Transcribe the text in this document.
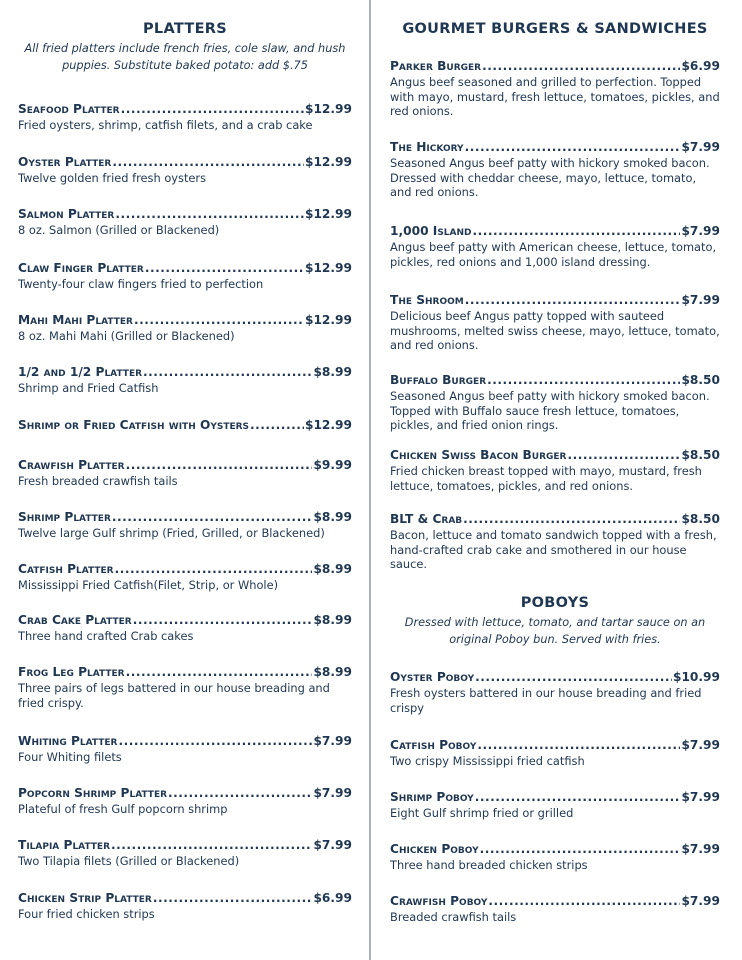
PLATTERS
All fried platters include french fries, cole slaw, and hush puppies. Substitute baked potato: add $.75
Seafood Platter .....	$12.99
Fried oysters, shrimp, catfish filets, and a crab cake
Oyster Platter .....	$12.99
Twelve golden fried fresh oysters
Salmon Platter .....	$12.99
8 oz. Salmon (Grilled or Blackened)
Claw Finger Platter .....	$12.99
Twenty-four claw fingers fried to perfection
Mahi Mahi Platter .....	$12.99
8 oz. Mahi Mahi (Grilled or Blackened)
1/2 and 1/2 Platter .....	$8.99
Shrimp and Fried Catfish
Shrimp or Fried Catfish with Oysters .....	$12.99
Crawfish Platter .....	$9.99
Fresh breaded crawfish tails
Shrimp Platter .....	$8.99
Twelve large Gulf shrimp (Fried, Grilled, or Blackened)
Catfish Platter .....	$8.99
Mississippi Fried Catfish(Filet, Strip, or Whole)
Crab Cake Platter .....	$8.99
Three hand crafted Crab cakes
Frog Leg Platter .....	$8.99
Three pairs of legs battered in our house breading and fried crispy.
Whiting Platter .....	$7.99
Four Whiting filets
Popcorn Shrimp Platter .....	$7.99
Plateful of fresh Gulf popcorn shrimp
Tilapia Platter .....	$7.99
Two Tilapia filets (Grilled or Blackened)
Chicken Strip Platter .....	$6.99
Four fried chicken strips
GOURMET BURGERS & SANDWICHES
Parker Burger .....	$6.99
Angus beef seasoned and grilled to perfection. Topped with mayo, mustard, fresh lettuce, tomatoes, pickles, and red onions.
The Hickory .....	$7.99
Seasoned Angus beef patty with hickory smoked bacon. Dressed with cheddar cheese, mayo, lettuce, tomato, and red onions.
1,000 Island .....	$7.99
Angus beef patty with American cheese, lettuce, tomato, pickles, red onions and 1,000 island dressing.
The Shroom .....	$7.99
Delicious beef Angus patty topped with sauteed mushrooms, melted swiss cheese, mayo, lettuce, tomato, and red onions.
Buffalo Burger .....	$8.50
Seasoned Angus beef patty with hickory smoked bacon. Topped with Buffalo sauce fresh lettuce, tomatoes, pickles, and fried onion rings.
Chicken Swiss Bacon Burger .....	$8.50
Fried chicken breast topped with mayo, mustard, fresh lettuce, tomatoes, pickles, and red onions.
BLT & Crab .....	$8.50
Bacon, lettuce and tomato sandwich topped with a fresh, hand-crafted crab cake and smothered in our house sauce.
POBOYS
Dressed with lettuce, tomato, and tartar sauce on an original Poboy bun. Served with fries.
Oyster Poboy .....	$10.99
Fresh oysters battered in our house breading and fried crispy
Catfish Poboy .....	$7.99
Two crispy Mississippi fried catfish
Shrimp Poboy .....	$7.99
Eight Gulf shrimp fried or grilled
Chicken Poboy .....	$7.99
Three hand breaded chicken strips
Crawfish Poboy .....	$7.99
Breaded crawfish tails
